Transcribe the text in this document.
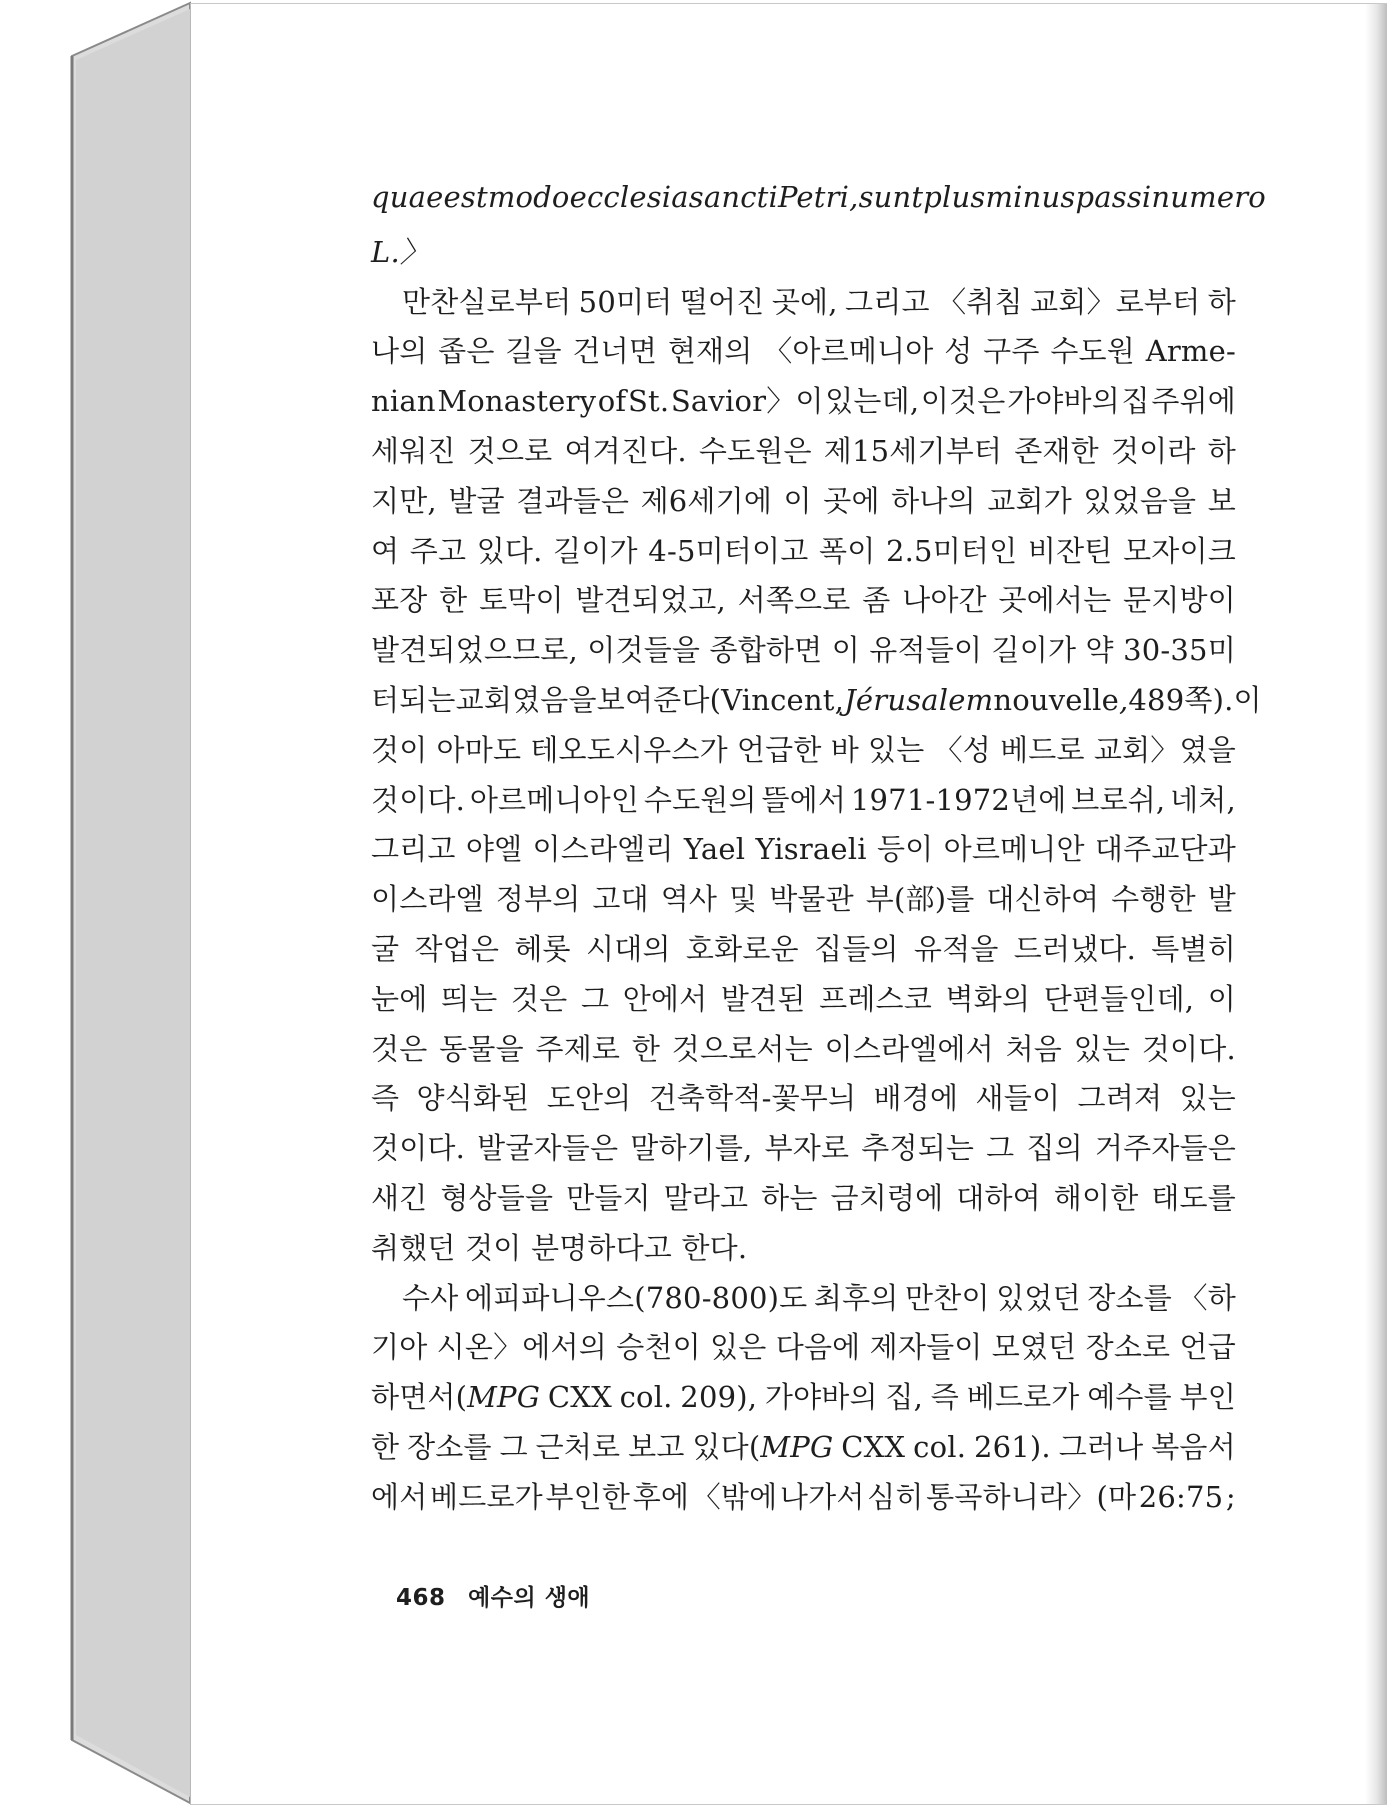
quae est modo ecclesia sancti Petri, sunt plus minus passi numero
L.〉
만찬실로부터 50미터 떨어진 곳에, 그리고 〈취침 교회〉로부터 하
나의 좁은 길을 건너면 현재의 〈아르메니아 성 구주 수도원 Arme-
nian Monastery of St. Savior〉이 있는데, 이것은 가야바의 집 주위에
세워진 것으로 여겨진다. 수도원은 제15세기부터 존재한 것이라 하
지만, 발굴 결과들은 제6세기에 이 곳에 하나의 교회가 있었음을 보
여 주고 있다. 길이가 4-5미터이고 폭이 2.5미터인 비잔틴 모자이크
포장 한 토막이 발견되었고, 서쪽으로 좀 나아간 곳에서는 문지방이
발견되었으므로, 이것들을 종합하면 이 유적들이 길이가 약 30-35미
터되는 교회였음을 보여 준다(Vincent, Jérusalem nouvelle, 489쪽). 이
것이 아마도 테오도시우스가 언급한 바 있는 〈성 베드로 교회〉였을
것이다. 아르메니아인 수도원의 뜰에서 1971-1972년에 브로쉬, 네처,
그리고 야엘 이스라엘리 Yael Yisraeli 등이 아르메니안 대주교단과
이스라엘 정부의 고대 역사 및 박물관 부(部)를 대신하여 수행한 발
굴 작업은 헤롯 시대의 호화로운 집들의 유적을 드러냈다. 특별히
눈에 띄는 것은 그 안에서 발견된 프레스코 벽화의 단편들인데, 이
것은 동물을 주제로 한 것으로서는 이스라엘에서 처음 있는 것이다.
즉 양식화된 도안의 건축학적-꽃무늬 배경에 새들이 그려져 있는
것이다. 발굴자들은 말하기를, 부자로 추정되는 그 집의 거주자들은
새긴 형상들을 만들지 말라고 하는 금치령에 대하여 해이한 태도를
취했던 것이 분명하다고 한다.
수사 에피파니우스(780-800)도 최후의 만찬이 있었던 장소를 〈하
기아 시온〉에서의 승천이 있은 다음에 제자들이 모였던 장소로 언급
하면서(MPG CXX col. 209), 가야바의 집, 즉 베드로가 예수를 부인
한 장소를 그 근처로 보고 있다(MPG CXX col. 261). 그러나 복음서
에서 베드로가 부인한 후에 〈밖에 나가서 심히 통곡하니라〉(마 26:75 ;
468 예수의 생애
